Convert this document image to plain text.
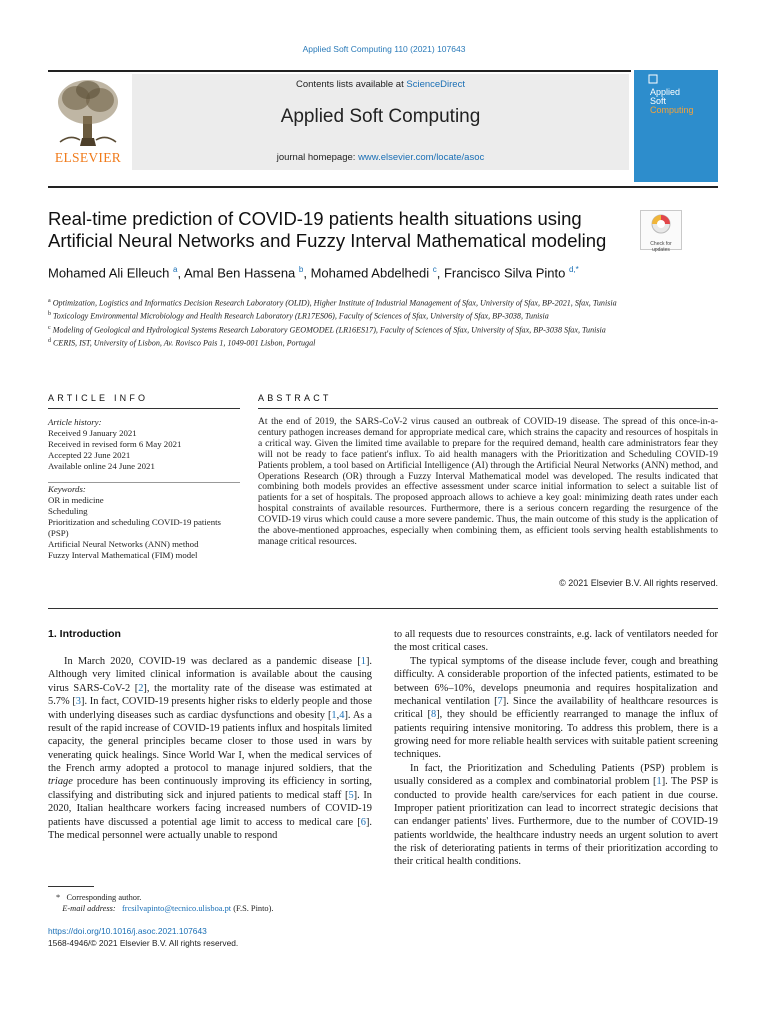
Applied Soft Computing 110 (2021) 107643
ELSEVIER
Contents lists available at ScienceDirect
Applied Soft Computing
journal homepage: www.elsevier.com/locate/asoc
Applied
Soft
Computing
Real-time prediction of COVID-19 patients health situations using Artificial Neural Networks and Fuzzy Interval Mathematical modeling	Check for
updates
Mohamed Ali Elleuch $^a$, Amal Ben Hassena $^b$, Mohamed Abdelhedi $^c$, Francisco Silva Pinto $^{d,*}$
$^a$ Optimization, Logistics and Informatics Decision Research Laboratory (OLID), Higher Institute of Industrial Management of Sfax, University of Sfax, BP-2021, Sfax, Tunisia
$^b$ Toxicology Environmental Microbiology and Health Research Laboratory (LR17ES06), Faculty of Sciences of Sfax, University of Sfax, BP-3038, Tunisia
$^c$ Modeling of Geological and Hydrological Systems Research Laboratory GEOMODEL (LR16ES17), Faculty of Sciences of Sfax, University of Sfax, BP-3038 Sfax, Tunisia
$^d$ CERIS, IST, University of Lisbon, Av. Rovisco Pais 1, 1049-001 Lisbon, Portugal
ARTICLE INFO	ABSTRACT
Article history:
Received 9 January 2021
Received in revised form 6 May 2021
Accepted 22 June 2021
Available online 24 June 2021
Keywords:
OR in medicine
Scheduling
Prioritization and scheduling COVID-19 patients (PSP)
Artificial Neural Networks (ANN) method
Fuzzy Interval Mathematical (FIM) model
At the end of 2019, the SARS-CoV-2 virus caused an outbreak of COVID-19 disease. The spread of this once-in-a-century pathogen increases demand for appropriate medical care, which strains the capacity and resources of hospitals in a critical way. Given the limited time available to prepare for the required demand, health care administrators fear they will not be ready to face patient's influx. To aid health managers with the Prioritization and Scheduling COVID-19 Patients problem, a tool based on Artificial Intelligence (AI) through the Artificial Neural Networks (ANN) method, and Operations Research (OR) through a Fuzzy Interval Mathematical model was developed. The results indicated that combining both models provides an effective assessment under scarce initial information to select a suitable list of patients for a set of hospitals. The proposed approach allows to achieve a key goal: minimizing death rates under each hospital constraints of available resources. Furthermore, there is a serious concern regarding the resurgence of the COVID-19 virus which could cause a more severe pandemic. Thus, the main outcome of this study is the application of the above-mentioned approaches, especially when combining them, as efficient tools serving health establishments to manage critical resources.
© 2021 Elsevier B.V. All rights reserved.
1. Introduction

In March 2020, COVID-19 was declared as a pandemic disease [1]. Although very limited clinical information is available about the causing virus SARS-CoV-2 [2], the mortality rate of the disease was estimated at 5.7% [3]. In fact, COVID-19 presents higher risks to elderly people and those with underlying diseases such as cardiac dysfunctions and obesity [1,4]. As a result of the rapid increase of COVID-19 patients influx and hospitals limited capacity, the general principles became closer to those used in wars by venerating quick healings. Since World War I, when the medical services of the French army adopted a protocol to manage injured soldiers, that the triage procedure has been continuously improving its efficiency in sorting, classifying and distributing sick and injured patients to medical staff [5]. In 2020, Italian healthcare workers facing increased numbers of COVID-19 patients have discussed a potential age limit to access to medical care [6]. The medical personnel were actually unable to respond

to all requests due to resources constraints, e.g. lack of ventilators needed for the most critical cases.

The typical symptoms of the disease include fever, cough and breathing difficulty. A considerable proportion of the infected patients, estimated to be between 6%–10%, develops pneumonia and requires hospitalization and mechanical ventilation [7]. Since the availability of healthcare resources is critical [8], they should be efficiently rearranged to manage the influx of patients requiring intensive monitoring. To address this problem, there is a growing need for more reliable health services with suitable patient screening techniques.

In fact, the Prioritization and Scheduling Patients (PSP) problem is usually considered as a complex and combinatorial problem [1]. The PSP is conducted to provide health care/services for each patient in due course. Improper patient prioritization can lead to incorrect strategic decisions that can endanger patients' lives. Furthermore, due to the number of COVID-19 patients worldwide, the healthcare industry needs an urgent solution to avert the risk of deteriorating patients in terms of their prioritization according to their critical health conditions.

* Corresponding author.
E-mail address: frcsilvapinto@tecnico.ulisboa.pt (F.S. Pinto).
https://doi.org/10.1016/j.asoc.2021.107643
1568-4946/© 2021 Elsevier B.V. All rights reserved.
